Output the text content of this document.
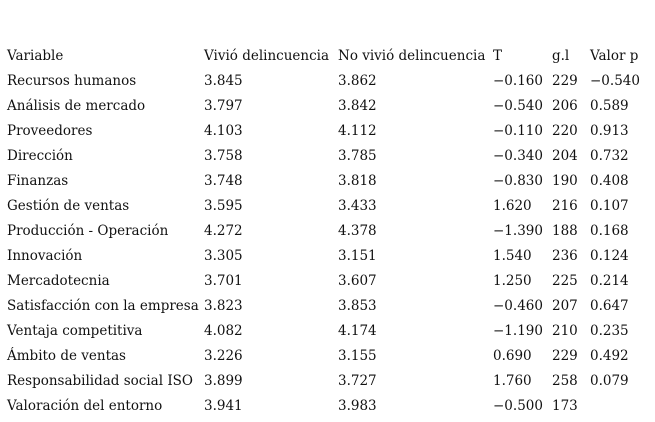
Variable	Vivió delincuencia	No vivió delincuencia	T	g.l	Valor p
Recursos humanos	3.845	3.862	−0.160	229	−0.540
Análisis de mercado	3.797	3.842	−0.540	206	0.589
Proveedores	4.103	4.112	−0.110	220	0.913
Dirección	3.758	3.785	−0.340	204	0.732
Finanzas	3.748	3.818	−0.830	190	0.408
Gestión de ventas	3.595	3.433	1.620	216	0.107
Producción - Operación	4.272	4.378	−1.390	188	0.168
Innovación	3.305	3.151	1.540	236	0.124
Mercadotecnia	3.701	3.607	1.250	225	0.214
Satisfacción con la empresa	3.823	3.853	−0.460	207	0.647
Ventaja competitiva	4.082	4.174	−1.190	210	0.235
Ámbito de ventas	3.226	3.155	0.690	229	0.492
Responsabilidad social ISO	3.899	3.727	1.760	258	0.079
Valoración del entorno	3.941	3.983	−0.500	173	
